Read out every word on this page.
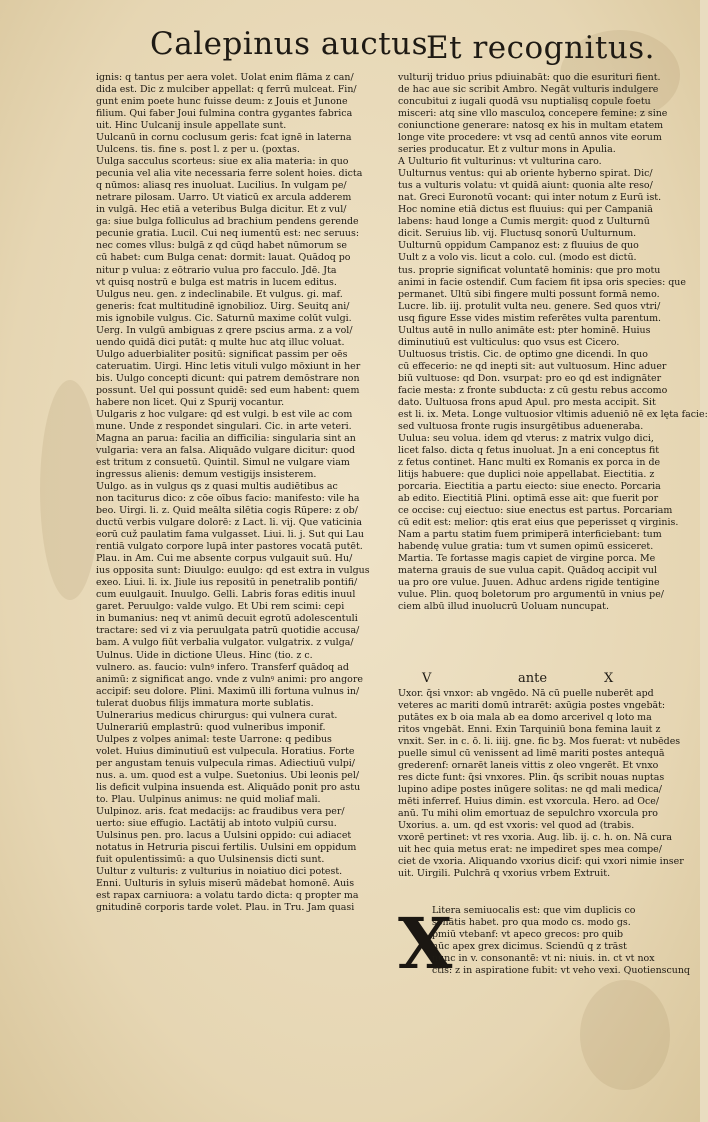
Calepinus auctus
Et recognitus.
ignis: q tantus per aera volet. Uolat enim flāma z can/
dida est. Dic z mulciber appellat: q ferrū mulceat. Fin/
gunt enim poete hunc fuisse deum: z Jouis et Junone
filium. Qui faber Joui fulmina contra gygantes fabrica
uit. Hinc Uulcanij insule appellate sunt.
Uulcanū in cornu coclusum geris: fcat ignē in laterna
Uulcens. tis. fine s. post l. z per u. (poxtas.
Uulga sacculus scorteus: siue ex alia materia: in quo
pecunia vel alia vite necessaria ferre solent hoies. dicta
q nūmos: aliasq res inuoluat. Lucilius. In vulgam pe/
netrare pilosam. Uarro. Ut viaticū ex arcula adderem
in vulgā. Hec etiā a veteribus Bulga dicitur. Et z vul/
ga: siue bulga folliculus ad brachium pendens gerende
pecunie gratia. Lucil. Cui neq iumentū est: nec seruus:
nec comes vllus: bulgā z qd cūqd habet nūmorum se
cū habet: cum Bulga cenat: dormit: lauat. Quādoq po
nitur p vulua: z eōtrario vulua pro facculo. Jdē. Jta
vt quisq nostrū e bulga est matris in lucem editus.
Uulgus neu. gen. z indeclinabile. Et vulgus. gi. maf.
generis: fcat multitudinē ignobilioz. Uirg. Seuitq ani/
mis ignobile vulgus. Cic. Saturnū maxime colūt vulgi.
Uerg. In vulgū ambiguas z qrere pscius arma. z a vol/
uendo quidā dici putāt: q multe huc atq illuc voluat.
Uulgo aduerbialiter positū: significat passim per oēs
cateruatim. Uirgi. Hinc letis vituli vulgo mōxiunt in her
bis. Uulgo concepti dicunt: qui patrem demōstrare non
possunt. Uel qui possunt quidē: sed eum habent: quem
habere non licet. Qui z Spurij vocantur.
Uulgaris z hoc vulgare: qd est vulgi. b est vile ac com
mune. Unde z respondet singulari. Cic. in arte veteri.
Magna an parua: facilia an difficilia: singularia sint an
vulgaria: vera an falsa. Aliquādo vulgare dicitur: quod
est tritum z consuetū. Quintil. Simul ne vulgare viam
ingressus alienis: demum vestigijs insisterem.
Uulgo. as in vulgus qs z quasi multis audiētibus ac
non taciturus dico: z cōe oībus facio: manifesto: vile ha
beo. Uirgi. li. z. Quid meālta silētia cogis Rūpere: z ob/
ductū verbis vulgare dolorē: z Lact. li. vij. Que vaticinia
eorū cuž paulatim fama vulgasset. Liui. li. j. Sut qui Lau
rentiā vulgato corpore lupā inter pastores vocatā putēt.
Plau. in Am. Cui me absente corpus vulgauit suū. Hu/
ius opposita sunt: Diuulgo: euulgo: qd est extra in vulgus
exeo. Liui. li. ix. Jiule ius repositū in penetralib pontifi/
cum euulgauit. Inuulgo. Gelli. Labris foras editis inuul
garet. Peruulgo: valde vulgo. Et Ubi rem scimi: cepi
in bumanius: neq vt animū decuit egrotū adolescentuli
tractare: sed vi z via peruulgata patrū quotidie accusa/
bam. A vulgo fiūt verbalia vulgator. vulgatrix. z vulga/
Uulnus. Uide in dictione Uleus. Hinc (tio. z c.
vulnero. as. faucio: vulnꝰ infero. Transferf quādoq ad
animū: z significat ango. vnde z vulnꝰ animi: pro angore
accipif: seu dolore. Plini. Maximū illi fortuna vulnus in/
tulerat duobus filijs immatura morte sublatis.
Uulnerarius medicus chirurgus: qui vulnera curat.
Uulnerariū emplastrū: quod vulneribus imponif.
Uulpes z volpes animal: teste Uarrone: q pedibus
volet. Huius diminutiuū est vulpecula. Horatius. Forte
per angustam tenuis vulpecula rimas. Adiectiuū vulpi/
nus. a. um. quod est a vulpe. Suetonius. Ubi leonis pel/
lis deficit vulpina insuenda est. Aliquādo ponit pro astu
to. Plau. Uulpinus animus: ne quid moliaf mali.
Uulpinoz. aris. fcat medacijs: ac fraudibus vera per/
uerto: siue effugio. Lactātij ab intoto vulpiū cursu.
Uulsinus pen. pro. lacus a Uulsini oppido: cui adiacet
notatus in Hetruria piscui fertilis. Uulsini em oppidum
fuit opulentissimū: a quo Uulsinensis dicti sunt.
Uultur z vulturis: z vulturius in noiatiuo dici potest.
Enni. Uulturis in syluis miserū mādebat homonē. Auis
est rapax carniuora: a volatu tardo dicta: q propter ma
gnitudinē corporis tarde volet. Plau. in Tru. Jam quasi
vulturij triduo prius pdiuinabāt: quo die esurituri fient.
de hac aue sic scribit Ambro. Negāt vulturis indulgere
concubitui z iugali quodā vsu nuptialisq copule foetu
misceri: atq sine vllo masculoꝝ concepere femine: z sine
coniunctione generare: natosq ex his in multam etatem
longe vite procedere: vt vsq ad centū annos vite eorum
series producatur. Et z vultur mons in Apulia.
A Uulturio fit vulturinus: vt vulturina caro.
Uulturnus ventus: qui ab oriente hyberno spirat. Dic/
tus a vulturis volatu: vt quidā aiunt: quonia alte reso/
nat. Greci Euronotū vocant: qui inter notum z Eurū ist.
Hoc nomine etiā dictus est fluuius: qui per Campaniā
labens: haud longe a Cumis mergit: quod z Uulturnū
dicit. Seruius lib. vij. Fluctusq sonorū Uulturnum.
Uulturnū oppidum Campanoz est: z fluuius de quo
Uult z a volo vis. licut a colo. cul. (modo est dictū.
tus. proprie significat voluntatē hominis: que pro motu
animi in facie ostendif. Cum faciem fit ipsa oris species: que
permanet. Ultū sibi fingere multi possunt formā nemo.
Lucre. lib. iij. protulit vulta neu. genere. Sed quos vtri/
usq figure Esse vides mistim referētes vulta parentum.
Uultus autē in nullo animāte est: pter hominē. Huius
diminutiuū est vulticulus: quo vsus est Cicero.
Uultuosus tristis. Cic. de optimo gne dicendi. In quo
cū effecerio: ne qd inepti sit: aut vultuosum. Hinc aduer
biū vultuose: qd Don. vsurpat: pro eo qd est indignāter
facie mesta: z fronte subducta: z cū gestu rebus accomo
dato. Uultuosa frons apud Apul. pro mesta accipit. Sit
est li. ix. Meta. Longe vultuosior vltimis adueniō nē ex lęta facie:
sed vultuosa fronte rugis insurgētibus adueneraba.
Uulua: seu volua. idem qd vterus: z matrix vulgo dici,
licet falso. dicta q fetus inuoluat. Jn a eni conceptus fit
z fetus continet. Hanc multi ex Romanis ex porca in de
litijs habuere: que duplici noie appellabat. Eiectitia. z
porcaria. Eiectitia a partu eiecto: siue enecto. Porcaria
ab edito. Eiectitiā Plini. optimā esse ait: que fuerit por
ce occise: cuj eiectuo: siue enectus est partus. Porcariam
cū edit est: melior: qtis erat eius que peperisset q virginis.
Nam a partu statim fuem primiperā interficiebant: tum
habendę vulue gratia: tum vt sumen opimū essiceret.
Martia. Te fortasse magis capiet de virgine porca. Me
materna grauis de sue vulua capit. Quādoq accipit vul
ua pro ore vulue. Juuen. Adhuc ardens rigide tentigine
vulue. Plin. quoq boletorum pro argumentū in vnius pe/
ciem albū illud inuolucrū Uoluam nuncupat.
V	ante	X
Uxor. q̄si vnxor: ab vngēdo. Nā cū puelle nuberēt apd
veteres ac mariti domū intrarēt: axūgia postes vngebāt:
putātes ex b oia mala ab ea domo arcerivel q loto ma
ritos vngebāt. Enni. Exin Tarquiniū bona femina lauit z
vnxit. Ser. in c. ō. li. iiij. gne. fic bꝫ. Mos fuerat: vt nubēdes
puelle simul cū venissent ad limē mariti postes antequā
grederenf: ornarēt laneis vittis z oleo vngerēt. Et vnxo
res dicte funt: q̄si vnxores. Plin. q̄s scribit nouas nuptas
lupino adipe postes inūgere solitas: ne qd mali medica/
mēti inferref. Huius dimin. est vxorcula. Hero. ad Oce/
anū. Tu mihi olim emortuaz de sepulchro vxorcula pro
Uxorius. a. um. qd est vxoris: vel quod ad (trabis.
vxorē pertinet: vt res vxoria. Aug. lib. ij. c. h. on. Nā cura
uit hec quia metus erat: ne impediret spes mea compe/
ciet de vxoria. Aliquando vxorius dicif: qui vxori nimie inser
uit. Uirgili. Pulchrā q vxorius vrbem Extruit.
X
Litera semiuocalis est: que vim duplicis co
sonātis habet. pro qua modo cs. modo gs.
pmiū vtebanf: vt apeco grecos: pro quib
nūc apex grex dicimus. Sciendū q z trāst
nunc in v. consonantē: vt ni: niuis. in. ct vt nox
ctis: z in aspiratione fubit: vt veho vexi. Quotienscunq
